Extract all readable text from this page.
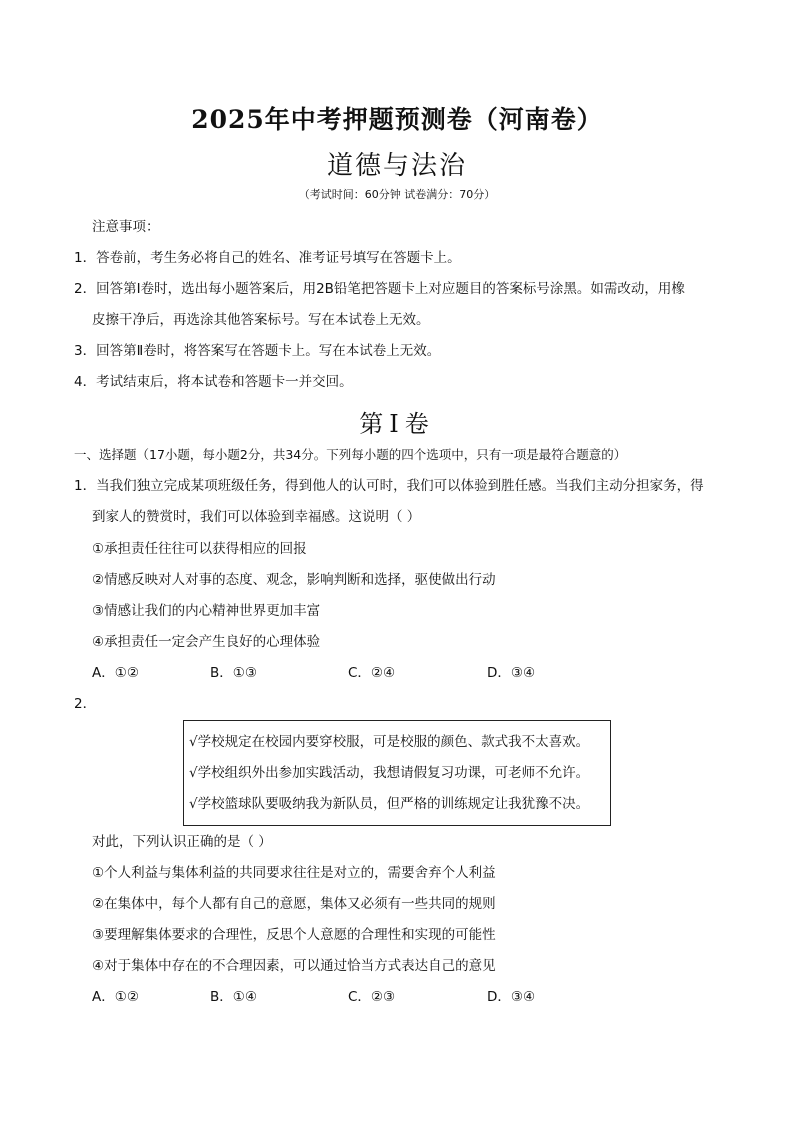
2025年中考押题预测卷（河南卷）
道德与法治
（考试时间：60分钟 试卷满分：70分）
注意事项：
1．答卷前，考生务必将自己的姓名、准考证号填写在答题卡上。
2．回答第Ⅰ卷时，选出每小题答案后，用2B铅笔把答题卡上对应题目的答案标号涂黑。如需改动，用橡
皮擦干净后，再选涂其他答案标号。写在本试卷上无效。
3．回答第Ⅱ卷时，将答案写在答题卡上。写在本试卷上无效。
4．考试结束后，将本试卷和答题卡一并交回。
第Ⅰ卷
一、选择题（17小题，每小题2分，共34分。下列每小题的四个选项中，只有一项是最符合题意的）
1．当我们独立完成某项班级任务，得到他人的认可时，我们可以体验到胜任感。当我们主动分担家务，得
到家人的赞赏时，我们可以体验到幸福感。这说明（ ）
①承担责任往往可以获得相应的回报
②情感反映对人对事的态度、观念，影响判断和选择，驱使做出行动
③情感让我们的内心精神世界更加丰富
④承担责任一定会产生良好的心理体验
A．①②	B．①③	C．②④	D．③④
2．
√学校规定在校园内要穿校服，可是校服的颜色、款式我不太喜欢。
√学校组织外出参加实践活动，我想请假复习功课，可老师不允许。
√学校篮球队要吸纳我为新队员，但严格的训练规定让我犹豫不决。
对此，下列认识正确的是（ ）
①个人利益与集体利益的共同要求往往是对立的，需要舍弃个人利益
②在集体中，每个人都有自己的意愿，集体又必须有一些共同的规则
③要理解集体要求的合理性，反思个人意愿的合理性和实现的可能性
④对于集体中存在的不合理因素，可以通过恰当方式表达自己的意见
A．①②	B．①④	C．②③	D．③④
